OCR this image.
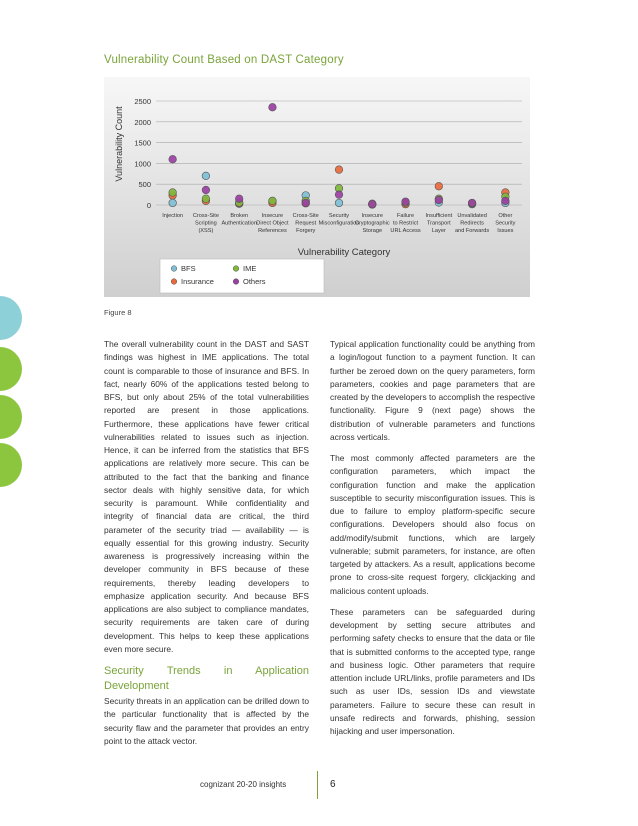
Vulnerability Count Based on DAST Category
0
500
1000
1500
2000
2500
Injection Cross-Site Scripting (XSS)
Broken Authentication
Insecure Direct Object References
Cross-Site Request Forgery
Security Misconfiguration
Insecure Cryptographic Storage
Failure to Restrict URL Access
Insufficient Transport Layer
Unvalidated Redirects and Forwards
Other Security Issues
Vulnerability Count
Vulnerability Category
BFS	IME
Insurance	Others
Figure 8

The overall vulnerability count in the DAST and SAST findings was highest in IME applications. The total count is comparable to those of insurance and BFS. In fact, nearly 60% of the applications tested belong to BFS, but only about 25% of the total vulnerabilities reported are present in those applications. Furthermore, these applications have fewer critical vulnerabilities related to issues such as injection. Hence, it can be inferred from the statistics that BFS applications are relatively more secure. This can be attributed to the fact that the banking and finance sector deals with highly sensitive data, for which security is paramount. While confidentiality and integrity of financial data are critical, the third parameter of the security triad — availability — is equally essential for this growing industry. Security awareness is progressively increasing within the developer community in BFS because of these requirements, thereby leading developers to emphasize application security. And because BFS applications are also subject to compliance mandates, security requirements are taken care of during development. This helps to keep these applications even more secure.

Security Trends in Application Development

Security threats in an application can be drilled down to the particular functionality that is affected by the security flaw and the parameter that provides an entry point to the attack vector.

Typical application functionality could be anything from a login/logout function to a payment function. It can further be zeroed down on the query parameters, form parameters, cookies and page parameters that are created by the developers to accomplish the respective functionality. Figure 9 (next page) shows the distribution of vulnerable parameters and functions across verticals.

The most commonly affected parameters are the configuration parameters, which impact the configuration function and make the application susceptible to security misconfiguration issues. This is due to failure to employ platform-specific secure configurations. Developers should also focus on add/modify/submit functions, which are largely vulnerable; submit parameters, for instance, are often targeted by attackers. As a result, applications become prone to cross-site request forgery, clickjacking and malicious content uploads.

These parameters can be safeguarded during development by setting secure attributes and performing safety checks to ensure that the data or file that is submitted conforms to the accepted type, range and business logic. Other parameters that require attention include URL/links, profile parameters and IDs such as user IDs, session IDs and viewstate parameters. Failure to secure these can result in unsafe redirects and forwards, phishing, session hijacking and user impersonation.

cognizant 20-20 insights	6
